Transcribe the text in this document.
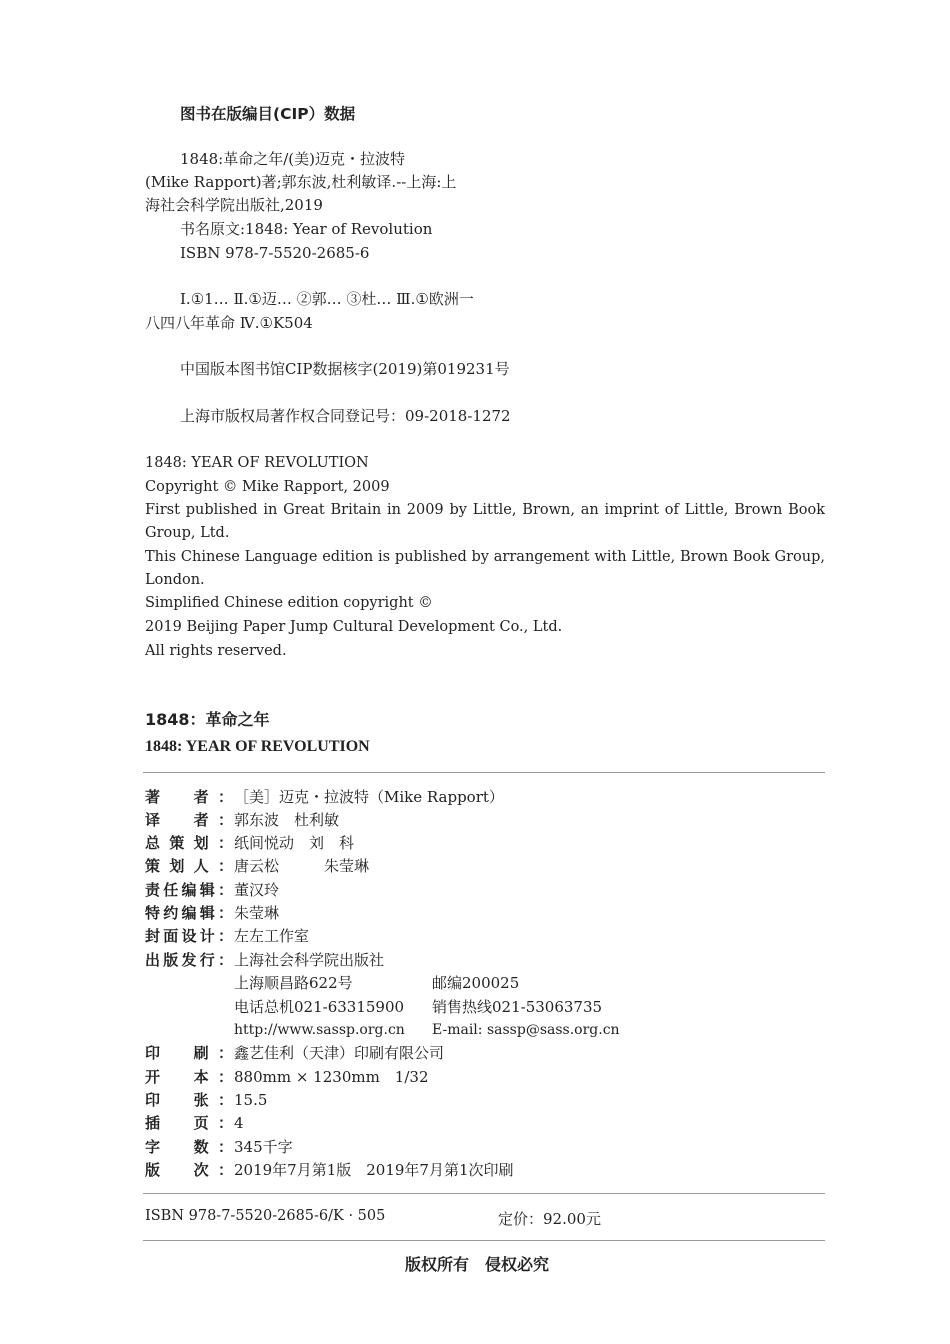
图书在版编目(CIP）数据
1848:革命之年/(美)迈克・拉波特
(Mike Rapport)著;郭东波,杜利敏译.--上海:上
海社会科学院出版社,2019
书名原文:1848: Year of Revolution
ISBN 978-7-5520-2685-6
Ⅰ.①1… Ⅱ.①迈… ②郭… ③杜… Ⅲ.①欧洲一
八四八年革命 Ⅳ.①K504
中国版本图书馆CIP数据核字(2019)第019231号
上海市版权局著作权合同登记号：09-2018-1272
1848: YEAR OF REVOLUTION
Copyright © Mike Rapport, 2009
First published in Great Britain in 2009 by Little, Brown, an imprint of Little, Brown Book Group, Ltd.
This Chinese Language edition is published by arrangement with Little, Brown Book Group, London.
Simplified Chinese edition copyright ©
2019 Beijing Paper Jump Cultural Development Co., Ltd.
All rights reserved.
1848：革命之年
1848: YEAR OF REVOLUTION
著　者： ［美］迈克・拉波特（Mike Rapport）
译　者： 郭东波　杜利敏
总策划： 纸间悦动　刘　科
策划人： 唐云松　　　朱莹琳
责任编辑： 董汉玲
特约编辑： 朱莹琳
封面设计： 左左工作室
出版发行： 上海社会科学院出版社
上海顺昌路622号	邮编200025
电话总机021-63315900 销售热线021-53063735
http://www.sassp.org.cn E-mail: sassp@sass.org.cn
印　刷： 鑫艺佳利（天津）印刷有限公司
开　本： 880mm × 1230mm　1/32
印　张： 15.5
插　页： 4
字　数： 345千字
版　次： 2019年7月第1版　2019年7月第1次印刷
ISBN 978-7-5520-2685-6/K · 505	定价：92.00元
版权所有　侵权必究
